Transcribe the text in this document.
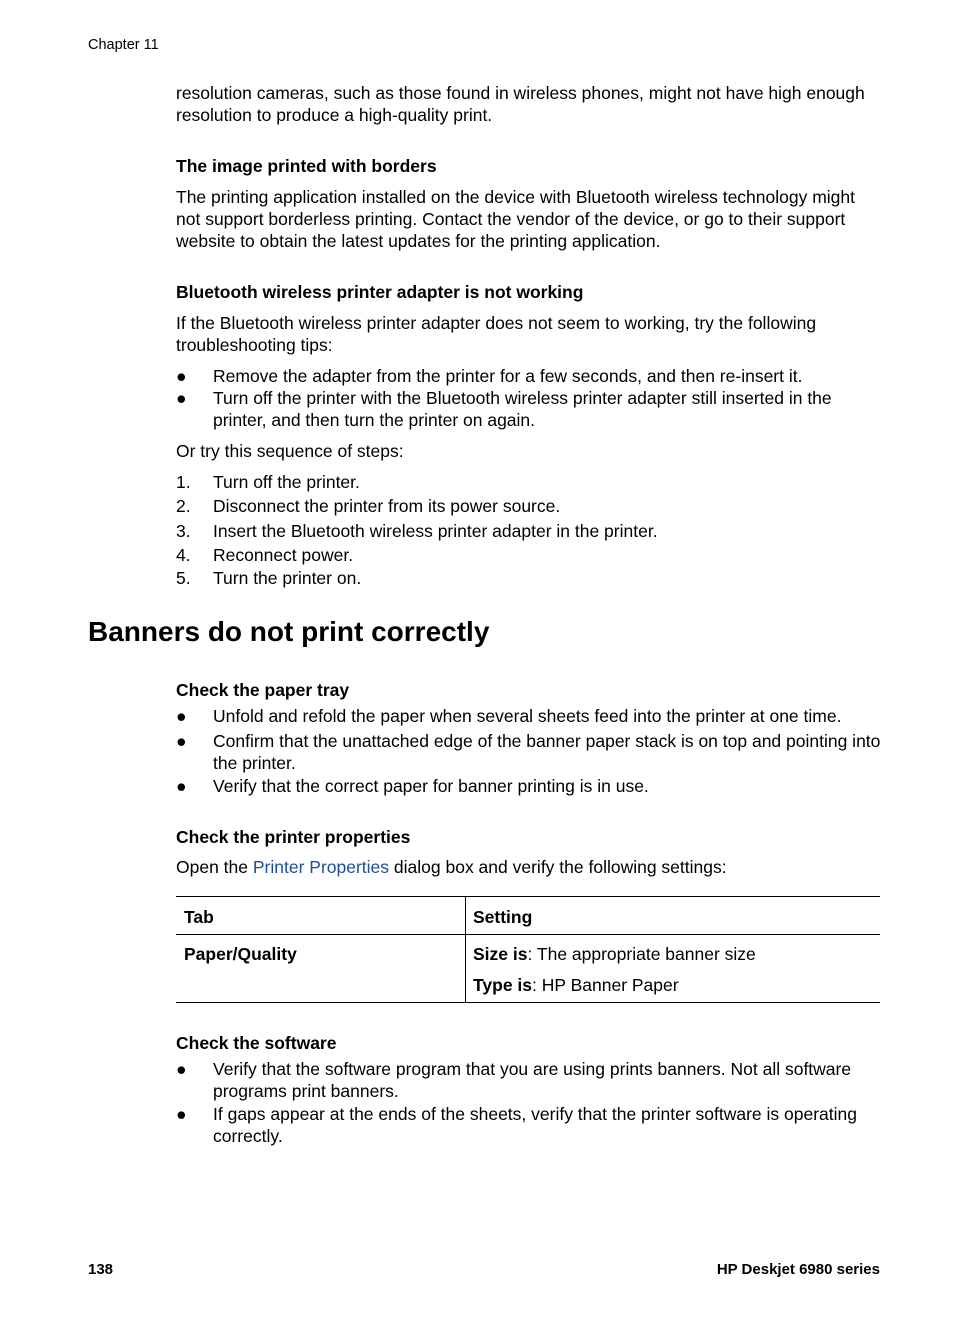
Chapter 11
resolution cameras, such as those found in wireless phones, might not have high enough resolution to produce a high-quality print.
The image printed with borders
The printing application installed on the device with Bluetooth wireless technology might not support borderless printing. Contact the vendor of the device, or go to their support website to obtain the latest updates for the printing application.
Bluetooth wireless printer adapter is not working
If the Bluetooth wireless printer adapter does not seem to working, try the following troubleshooting tips:
●	Remove the adapter from the printer for a few seconds, and then re-insert it.
●	Turn off the printer with the Bluetooth wireless printer adapter still inserted in the printer, and then turn the printer on again.
Or try this sequence of steps:
1.	Turn off the printer.
2.	Disconnect the printer from its power source.
3.	Insert the Bluetooth wireless printer adapter in the printer.
4.	Reconnect power.
5.	Turn the printer on.
Banners do not print correctly
Check the paper tray
●	Unfold and refold the paper when several sheets feed into the printer at one time.
●	Confirm that the unattached edge of the banner paper stack is on top and pointing into the printer.
●	Verify that the correct paper for banner printing is in use.
Check the printer properties
Open the Printer Properties dialog box and verify the following settings:
Tab	Setting
Paper/Quality	Size is: The appropriate banner size
Type is: HP Banner Paper
Check the software
●	Verify that the software program that you are using prints banners. Not all software programs print banners.
●	If gaps appear at the ends of the sheets, verify that the printer software is operating correctly.
138	HP Deskjet 6980 series
